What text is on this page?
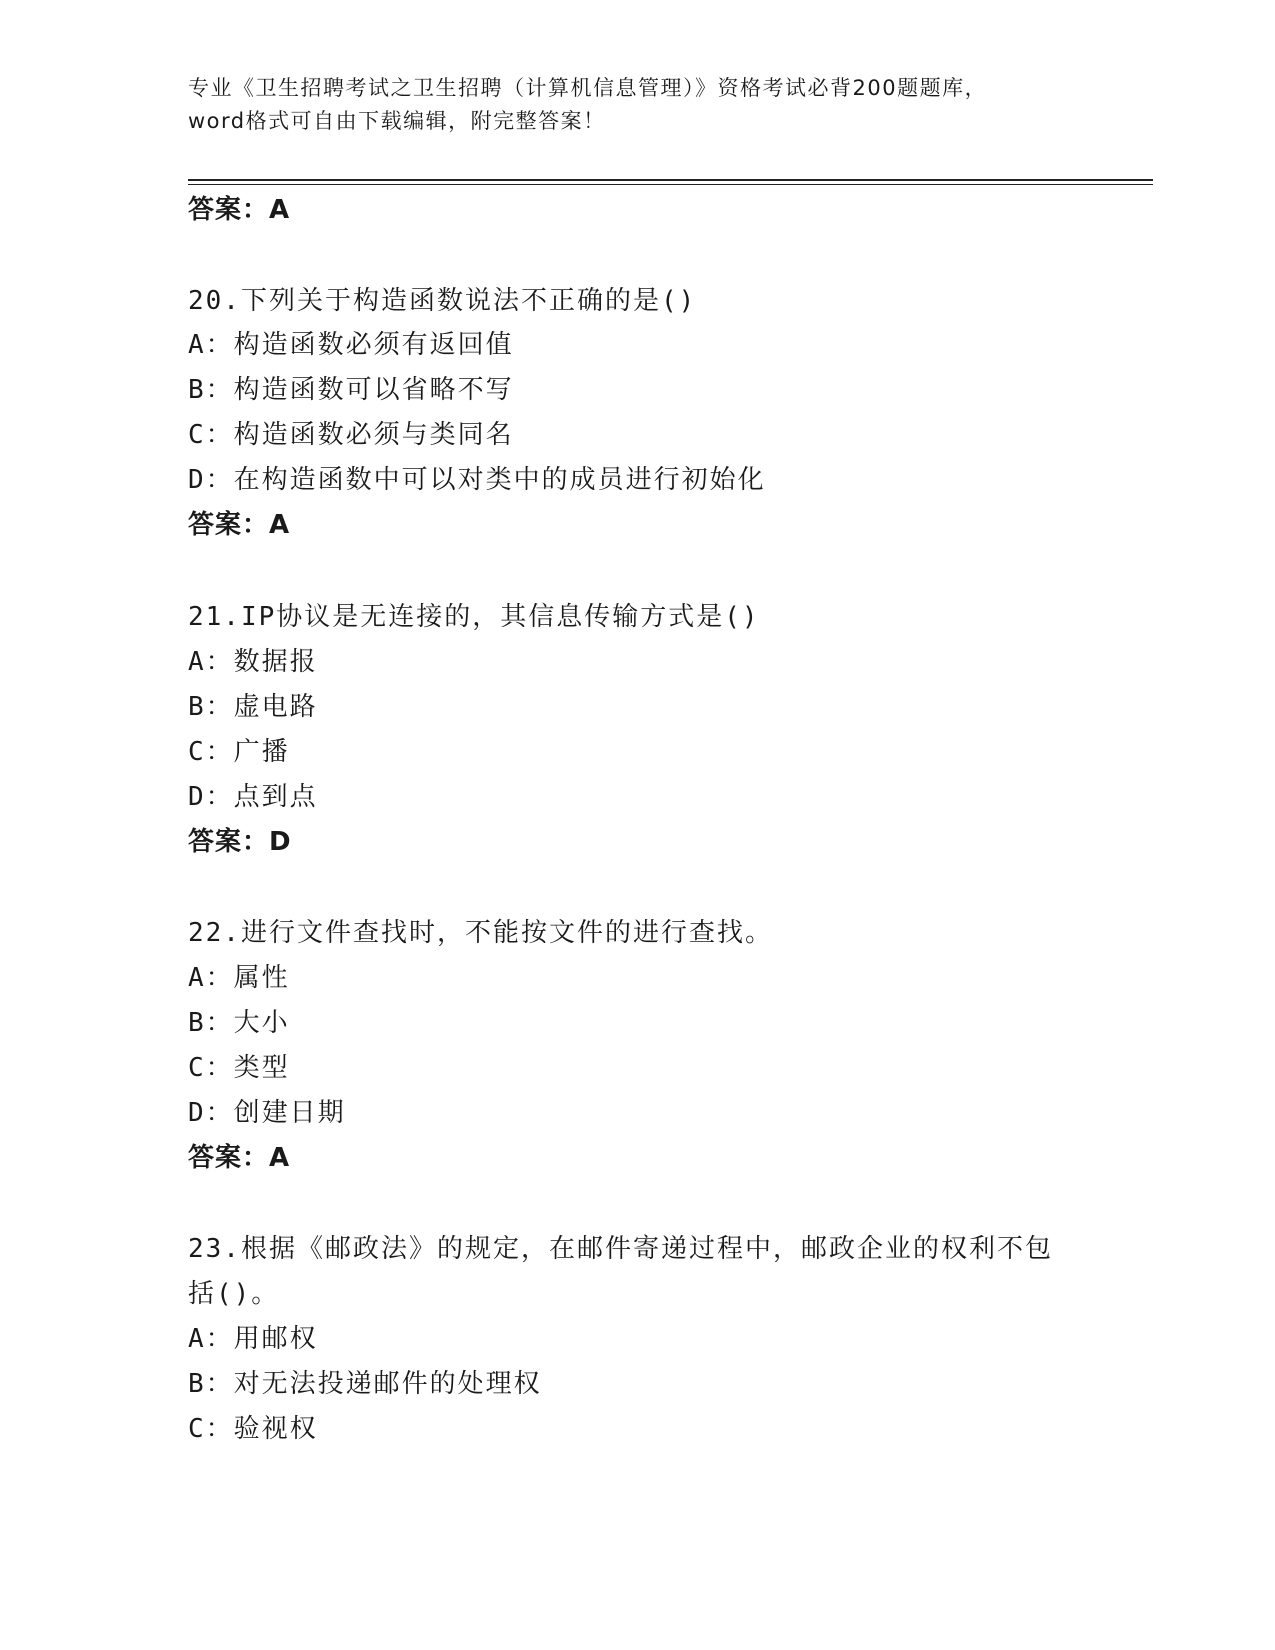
专业《卫生招聘考试之卫生招聘（计算机信息管理）》资格考试必背200题题库，
word格式可自由下载编辑，附完整答案！
答案：A
20.下列关于构造函数说法不正确的是()
A：构造函数必须有返回值
B：构造函数可以省略不写
C：构造函数必须与类同名
D：在构造函数中可以对类中的成员进行初始化
答案：A
21.IP协议是无连接的，其信息传输方式是()
A：数据报
B：虚电路
C：广播
D：点到点
答案：D
22.进行文件查找时，不能按文件的进行查找。
A：属性
B：大小
C：类型
D：创建日期
答案：A
23.根据《邮政法》的规定，在邮件寄递过程中，邮政企业的权利不包
括()。
A：用邮权
B：对无法投递邮件的处理权
C：验视权
